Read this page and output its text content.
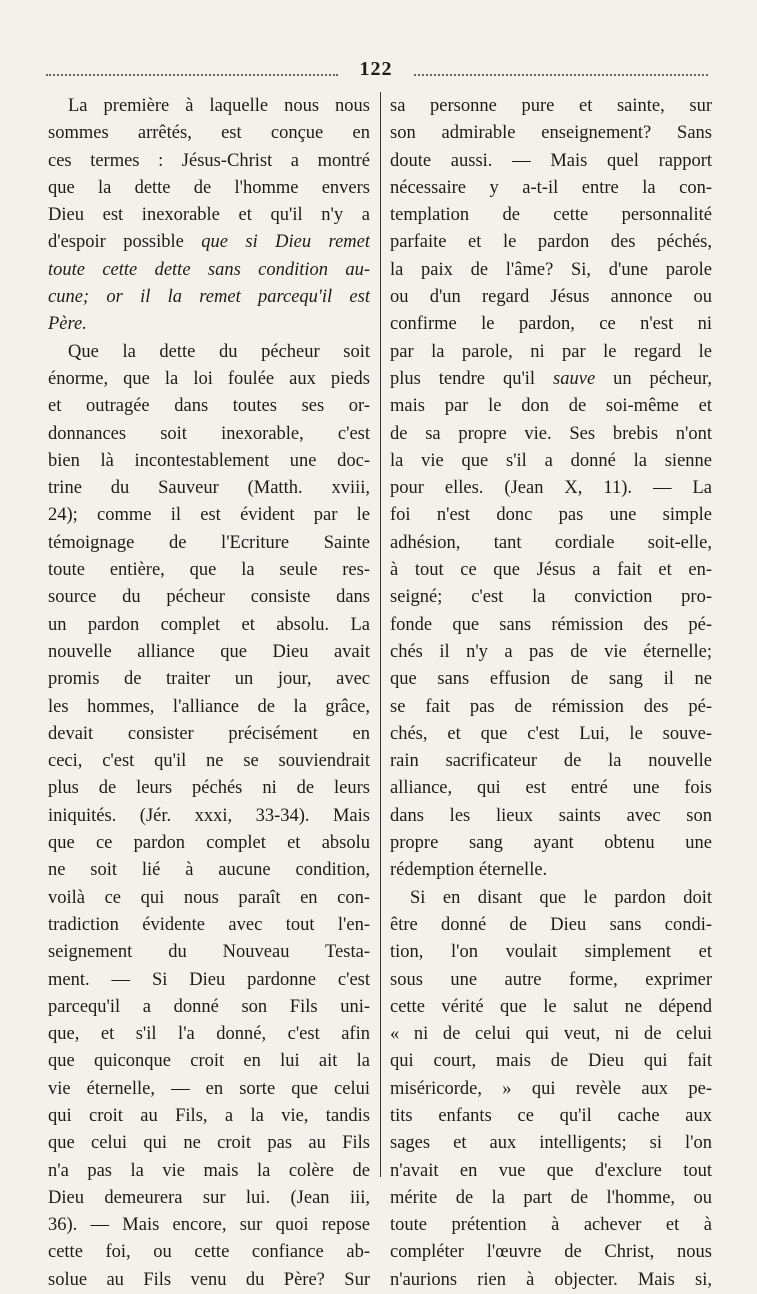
122
La première à laquelle nous nous
sommes arrêtés, est conçue en
ces termes : Jésus-Christ a montré
que la dette de l'homme envers
Dieu est inexorable et qu'il n'y a
d'espoir possible que si Dieu remet
toute cette dette sans condition au-
cune; or il la remet parcequ'il est
Père.
Que la dette du pécheur soit
énorme, que la loi foulée aux pieds
et outragée dans toutes ses or-
donnances soit inexorable, c'est
bien là incontestablement une doc-
trine du Sauveur (Matth. xviii,
24); comme il est évident par le
témoignage de l'Ecriture Sainte
toute entière, que la seule res-
source du pécheur consiste dans
un pardon complet et absolu. La
nouvelle alliance que Dieu avait
promis de traiter un jour, avec
les hommes, l'alliance de la grâce,
devait consister précisément en
ceci, c'est qu'il ne se souviendrait
plus de leurs péchés ni de leurs
iniquités. (Jér. xxxi, 33-34). Mais
que ce pardon complet et absolu
ne soit lié à aucune condition,
voilà ce qui nous paraît en con-
tradiction évidente avec tout l'en-
seignement du Nouveau Testa-
ment. — Si Dieu pardonne c'est
parcequ'il a donné son Fils uni-
que, et s'il l'a donné, c'est afin
que quiconque croit en lui ait la
vie éternelle, — en sorte que celui
qui croit au Fils, a la vie, tandis
que celui qui ne croit pas au Fils
n'a pas la vie mais la colère de
Dieu demeurera sur lui. (Jean iii,
36). — Mais encore, sur quoi repose
cette foi, ou cette confiance ab-
solue au Fils venu du Père? Sur
sa personne pure et sainte, sur
son admirable enseignement? Sans
doute aussi. — Mais quel rapport
nécessaire y a-t-il entre la con-
templation de cette personnalité
parfaite et le pardon des péchés,
la paix de l'âme? Si, d'une parole
ou d'un regard Jésus annonce ou
confirme le pardon, ce n'est ni
par la parole, ni par le regard le
plus tendre qu'il sauve un pécheur,
mais par le don de soi-même et
de sa propre vie. Ses brebis n'ont
la vie que s'il a donné la sienne
pour elles. (Jean X, 11). — La
foi n'est donc pas une simple
adhésion, tant cordiale soit-elle,
à tout ce que Jésus a fait et en-
seigné; c'est la conviction pro-
fonde que sans rémission des pé-
chés il n'y a pas de vie éternelle;
que sans effusion de sang il ne
se fait pas de rémission des pé-
chés, et que c'est Lui, le souve-
rain sacrificateur de la nouvelle
alliance, qui est entré une fois
dans les lieux saints avec son
propre sang ayant obtenu une
rédemption éternelle.
Si en disant que le pardon doit
être donné de Dieu sans condi-
tion, l'on voulait simplement et
sous une autre forme, exprimer
cette vérité que le salut ne dépend
« ni de celui qui veut, ni de celui
qui court, mais de Dieu qui fait
miséricorde, » qui revèle aux pe-
tits enfants ce qu'il cache aux
sages et aux intelligents; si l'on
n'avait en vue que d'exclure tout
mérite de la part de l'homme, ou
toute prétention à achever et à
compléter l'œuvre de Christ, nous
n'aurions rien à objecter. Mais si,
